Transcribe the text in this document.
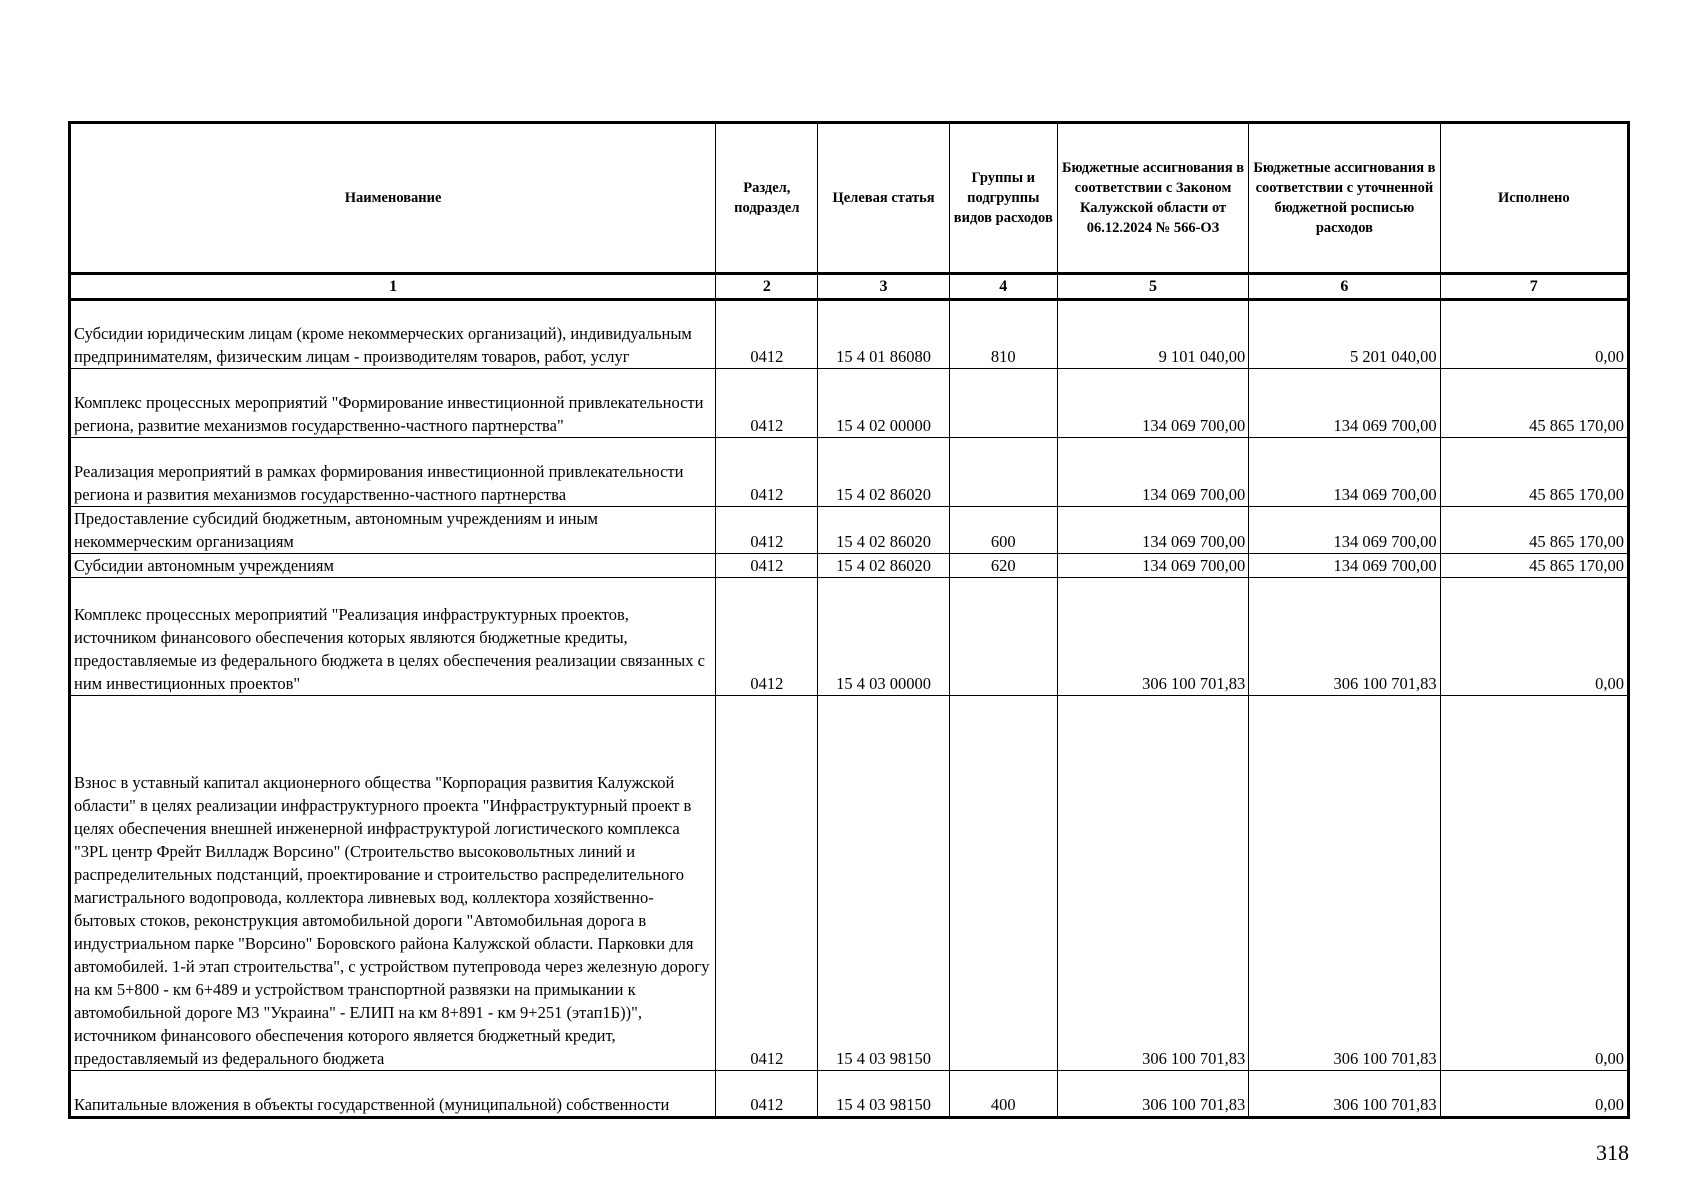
Наименование	Раздел, подраздел	Целевая статья	Группы и подгруппы видов расходов	Бюджетные ассигнования в соответствии с Законом Калужской области от 06.12.2024 № 566-ОЗ	Бюджетные ассигнования в соответствии с уточненной бюджетной росписью расходов	Исполнено
1	2	3	4	5	6	7
Субсидии юридическим лицам (кроме некоммерческих организаций), индивидуальным предпринимателям, физическим лицам - производителям товаров, работ, услуг	0412	15 4 01 86080	810	9 101 040,00	5 201 040,00	0,00
Комплекс процессных мероприятий "Формирование инвестиционной привлекательности региона, развитие механизмов государственно-частного партнерства"	0412	15 4 02 00000		134 069 700,00	134 069 700,00	45 865 170,00
Реализация мероприятий в рамках формирования инвестиционной привлекательности региона и развития механизмов государственно-частного партнерства	0412	15 4 02 86020		134 069 700,00	134 069 700,00	45 865 170,00
Предоставление субсидий бюджетным, автономным учреждениям и иным некоммерческим организациям	0412	15 4 02 86020	600	134 069 700,00	134 069 700,00	45 865 170,00
Субсидии автономным учреждениям	0412	15 4 02 86020	620	134 069 700,00	134 069 700,00	45 865 170,00
Комплекс процессных мероприятий "Реализация инфраструктурных проектов, источником финансового обеспечения которых являются бюджетные кредиты, предоставляемые из федерального бюджета в целях обеспечения реализации связанных с ним инвестиционных проектов"	0412	15 4 03 00000		306 100 701,83	306 100 701,83	0,00
Взнос в уставный капитал акционерного общества "Корпорация развития Калужской области" в целях реализации инфраструктурного проекта "Инфраструктурный проект в целях обеспечения внешней инженерной инфраструктурой логистического комплекса "3PL центр Фрейт Вилладж Ворсино" (Строительство высоковольтных линий и распределительных подстанций, проектирование и строительство распределительного магистрального водопровода, коллектора ливневых вод, коллектора хозяйственно-бытовых стоков, реконструкция автомобильной дороги "Автомобильная дорога в индустриальном парке "Ворсино" Боровского района Калужской области. Парковки для автомобилей. 1-й этап строительства", с устройством путепровода через железную дорогу на км 5+800 - км 6+489 и устройством транспортной развязки на примыкании к автомобильной дороге М3 "Украина" - ЕЛИП на км 8+891 - км 9+251 (этап1Б))", источником финансового обеспечения которого является бюджетный кредит, предоставляемый из федерального бюджета	0412	15 4 03 98150		306 100 701,83	306 100 701,83	0,00
Капитальные вложения в объекты государственной (муниципальной) собственности	0412	15 4 03 98150	400	306 100 701,83	306 100 701,83	0,00
318
